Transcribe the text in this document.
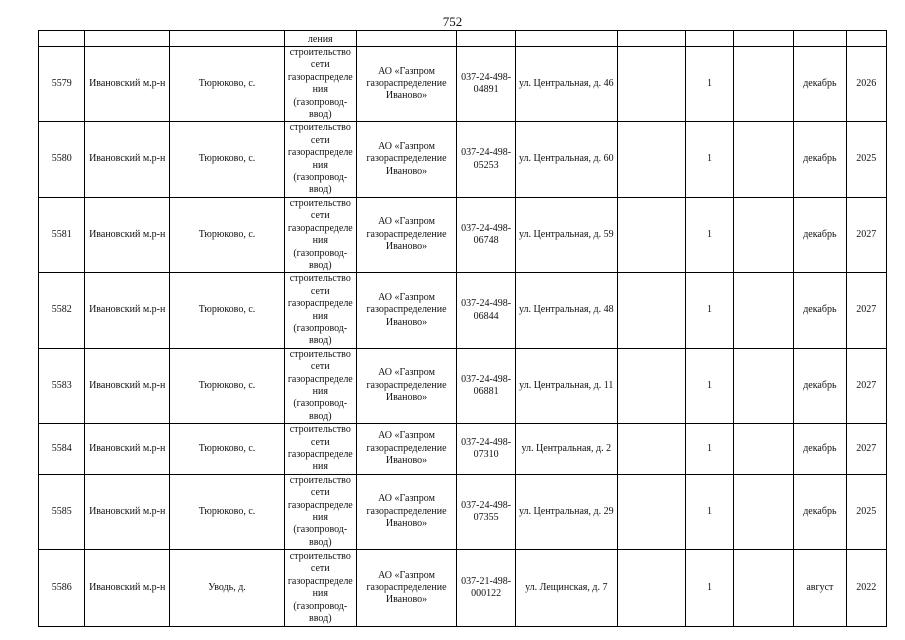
752
			ления								
5579	Ивановский м.р-н	Тюрюково, с.	строительство сети газораспределения (газопровод-ввод)	АО «Газпром газораспределение Иваново»	037-24-498-04891	ул. Центральная, д. 46		1		декабрь	2026
5580	Ивановский м.р-н	Тюрюково, с.	строительство сети газораспределения (газопровод-ввод)	АО «Газпром газораспределение Иваново»	037-24-498-05253	ул. Центральная, д. 60		1		декабрь	2025
5581	Ивановский м.р-н	Тюрюково, с.	строительство сети газораспределения (газопровод-ввод)	АО «Газпром газораспределение Иваново»	037-24-498-06748	ул. Центральная, д. 59		1		декабрь	2027
5582	Ивановский м.р-н	Тюрюково, с.	строительство сети газораспределения (газопровод-ввод)	АО «Газпром газораспределение Иваново»	037-24-498-06844	ул. Центральная, д. 48		1		декабрь	2027
5583	Ивановский м.р-н	Тюрюково, с.	строительство сети газораспределения (газопровод-ввод)	АО «Газпром газораспределение Иваново»	037-24-498-06881	ул. Центральная, д. 11		1		декабрь	2027
5584	Ивановский м.р-н	Тюрюково, с.	строительство сети газораспределения	АО «Газпром газораспределение Иваново»	037-24-498-07310	ул. Центральная, д. 2		1		декабрь	2027
5585	Ивановский м.р-н	Тюрюково, с.	строительство сети газораспределения (газопровод-ввод)	АО «Газпром газораспределение Иваново»	037-24-498-07355	ул. Центральная, д. 29		1		декабрь	2025
5586	Ивановский м.р-н	Уводь, д.	строительство сети газораспределения (газопровод-ввод)	АО «Газпром газораспределение Иваново»	037-21-498-000122	ул. Лещинская, д. 7		1		август	2022
